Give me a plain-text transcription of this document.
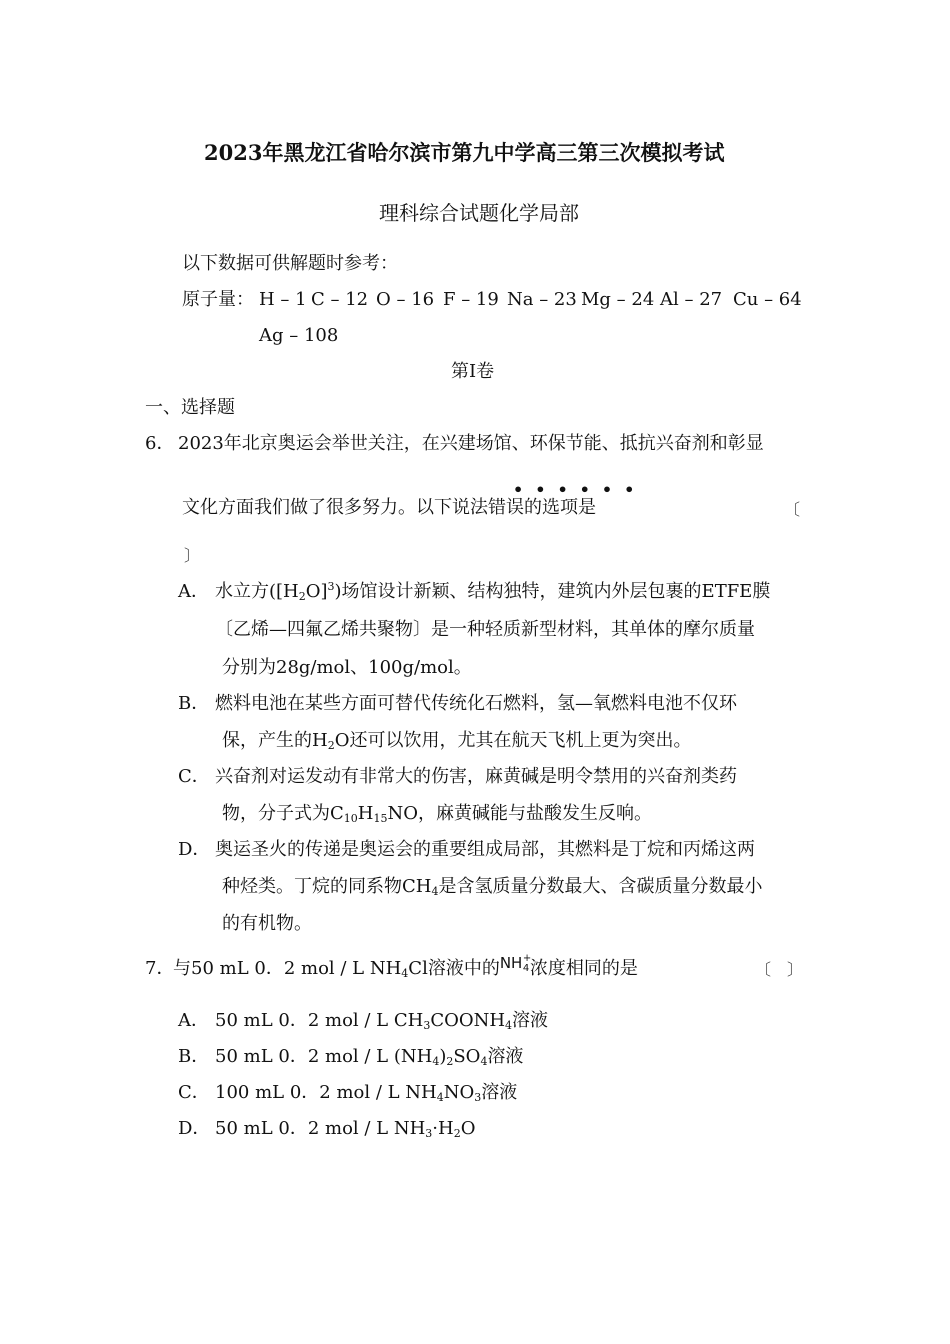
2023年黑龙江省哈尔滨市第九中学高三第三次模拟考试
理科综合试题化学局部
以下数据可供解题时参考：
原子量： H – 1 C – 12 O – 16 F – 19 Na – 23 Mg – 24 Al – 27 Cu – 64
Ag – 108
第I卷
一、选择题
6． 2023年北京奥运会举世关注，在兴建场馆、环保节能、抵抗兴奋剂和彰显
••••••
文化方面我们做了很多努力。以下说法错误的选项是	〔
〕
A． 水立方$([H_2O]^3)$场馆设计新颖、结构独特，建筑内外层包裹的ETFE膜
〔乙烯—四氟乙烯共聚物〕是一种轻质新型材料，其单体的摩尔质量
分别为28g/mol、100g/mol。
B． 燃料电池在某些方面可替代传统化石燃料，氢—氧燃料电池不仅环
保，产生的$H_2O$还可以饮用，尤其在航天飞机上更为突出。
C． 兴奋剂对运发动有非常大的伤害，麻黄碱是明令禁用的兴奋剂类药
物，分子式为$C_{10}H_{15}NO$，麻黄碱能与盐酸发生反响。
D． 奥运圣火的传递是奥运会的重要组成局部，其燃料是丁烷和丙烯这两
种烃类。丁烷的同系物$CH_4$是含氢质量分数最大、含碳质量分数最小
的有机物。
7．
与50 mL 0．2 mol / L $NH_4Cl$溶液中的 NH +
4 浓度相同的是	〔　〕
A． 50 mL 0．2 mol / L $CH_3COONH_4$溶液
B． 50 mL 0．2 mol / L $(NH_4)_2SO_4$溶液
C． 100 mL 0．2 mol / L $NH_4NO_3$溶液
D． 50 mL 0．2 mol / L $NH_3\cdot H_2O$
